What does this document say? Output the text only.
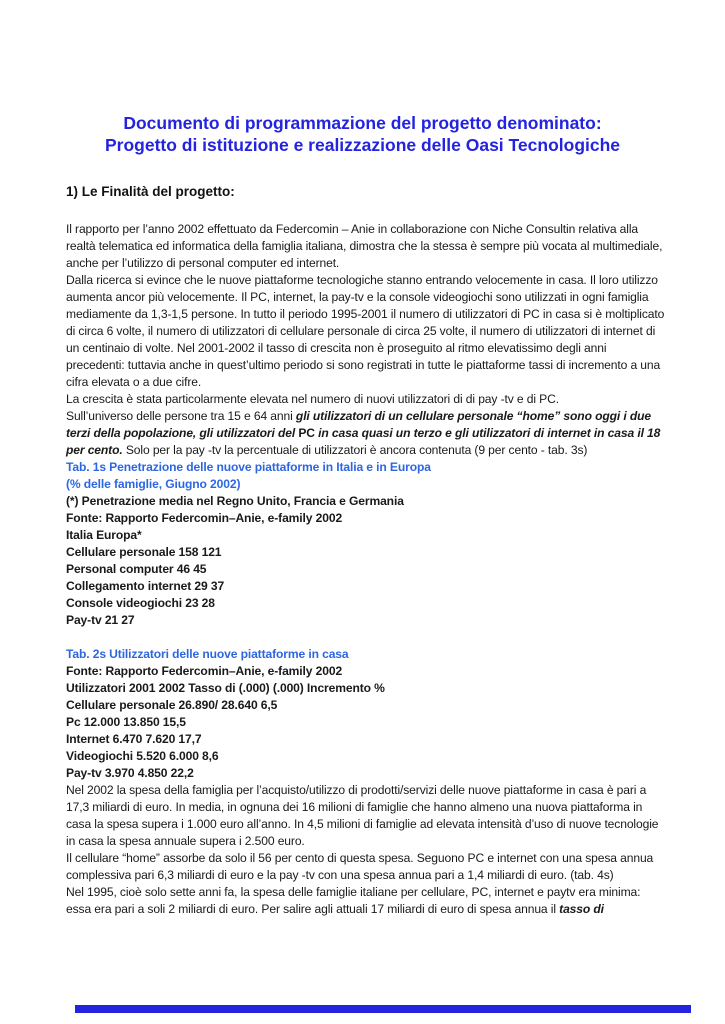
Documento di programmazione del progetto denominato:
Progetto di istituzione e realizzazione delle Oasi Tecnologiche
1) Le Finalità del progetto:

Il rapporto per l’anno 2002 effettuato da Federcomin – Anie in collaborazione con Niche Consultin relativa alla realtà telematica ed informatica della famiglia italiana, dimostra che la stessa è sempre più vocata al multimediale, anche per l’utilizzo di personal computer ed internet.

Dalla ricerca si evince che le nuove piattaforme tecnologiche stanno entrando velocemente in casa. Il loro utilizzo aumenta ancor più velocemente. Il PC, internet, la pay-tv e la console videogiochi sono utilizzati in ogni famiglia mediamente da 1,3-1,5 persone. In tutto il periodo 1995-2001 il numero di utilizzatori di PC in casa si è moltiplicato di circa 6 volte, il numero di utilizzatori di cellulare personale di circa 25 volte, il numero di utilizzatori di internet di un centinaio di volte. Nel 2001-2002 il tasso di crescita non è proseguito al ritmo elevatissimo degli anni precedenti: tuttavia anche in quest’ultimo periodo si sono registrati in tutte le piattaforme tassi di incremento a una cifra elevata o a due cifre.

La crescita è stata particolarmente elevata nel numero di nuovi utilizzatori di di pay -tv e di PC.

Sull’universo delle persone tra 15 e 64 anni gli utilizzatori di un cellulare personale “home” sono oggi i due terzi della popolazione, gli utilizzatori del PC in casa quasi un terzo e gli utilizzatori di internet in casa il 18 per cento. Solo per la pay -tv la percentuale di utilizzatori è ancora contenuta (9 per cento - tab. 3s)

Tab. 1s Penetrazione delle nuove piattaforme in Italia e in Europa
(% delle famiglie, Giugno 2002)
(*) Penetrazione media nel Regno Unito, Francia e Germania
Fonte: Rapporto Federcomin–Anie, e-family 2002
Italia Europa*
Cellulare personale 158 121
Personal computer 46 45
Collegamento internet 29 37
Console videogiochi 23 28
Pay-tv 21 27
Tab. 2s Utilizzatori delle nuove piattaforme in casa
Fonte: Rapporto Federcomin–Anie, e-family 2002
Utilizzatori 2001 2002 Tasso di (.000) (.000) Incremento %
Cellulare personale 26.890/ 28.640 6,5
Pc 12.000 13.850 15,5
Internet 6.470 7.620 17,7
Videogiochi 5.520 6.000 8,6
Pay-tv 3.970 4.850 22,2

Nel 2002 la spesa della famiglia per l’acquisto/utilizzo di prodotti/servizi delle nuove piattaforme in casa è pari a 17,3 miliardi di euro. In media, in ognuna dei 16 milioni di famiglie che hanno almeno una nuova piattaforma in casa la spesa supera i 1.000 euro all’anno. In 4,5 milioni di famiglie ad elevata intensità d’uso di nuove tecnologie in casa la spesa annuale supera i 2.500 euro.

Il cellulare “home” assorbe da solo il 56 per cento di questa spesa. Seguono PC e internet con una spesa annua complessiva pari 6,3 miliardi di euro e la pay -tv con una spesa annua pari a 1,4 miliardi di euro. (tab. 4s)

Nel 1995, cioè solo sette anni fa, la spesa delle famiglie italiane per cellulare, PC, internet e paytv era minima: essa era pari a soli 2 miliardi di euro. Per salire agli attuali 17 miliardi di euro di spesa annua il tasso di
